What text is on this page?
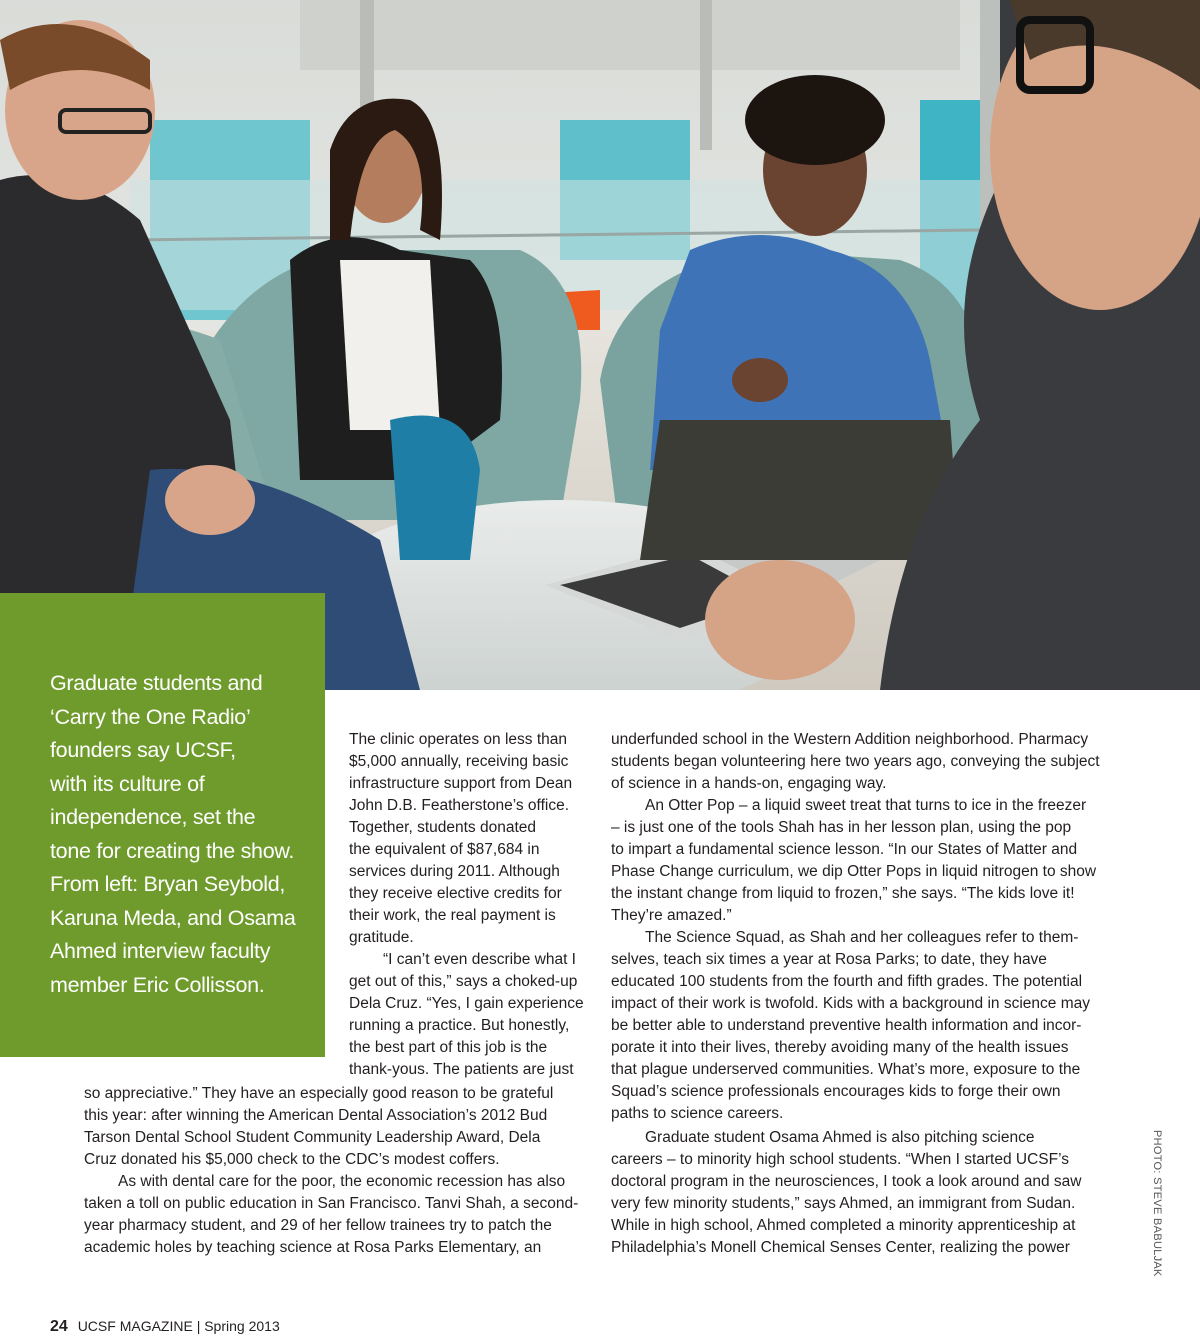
Graduate students and
‘Carry the One Radio’
founders say UCSF,
with its culture of
independence, set the
tone for creating the show.
From left: Bryan Seybold,
Karuna Meda, and Osama
Ahmed interview faculty
member Eric Collisson.
The clinic operates on less than
$5,000 annually, receiving basic
infrastructure support from Dean
John D.B. Featherstone’s office.
Together, students donated
the equivalent of $87,684 in
services during 2011. Although
they receive elective credits for
their work, the real payment is
gratitude.
“I can’t even describe what I
get out of this,” says a choked-up
Dela Cruz. “Yes, I gain experience
running a practice. But honestly,
the best part of this job is the
thank-yous. The patients are just
so appreciative.” They have an especially good reason to be grateful
this year: after winning the American Dental Association’s 2012 Bud
Tarson Dental School Student Community Leadership Award, Dela
Cruz donated his $5,000 check to the CDC’s modest coffers.
As with dental care for the poor, the economic recession has also
taken a toll on public education in San Francisco. Tanvi Shah, a second-
year pharmacy student, and 29 of her fellow trainees try to patch the
academic holes by teaching science at Rosa Parks Elementary, an
underfunded school in the Western Addition neighborhood. Pharmacy
students began volunteering here two years ago, conveying the subject
of science in a hands-on, engaging way.
An Otter Pop – a liquid sweet treat that turns to ice in the freezer
– is just one of the tools Shah has in her lesson plan, using the pop
to impart a fundamental science lesson. “In our States of Matter and
Phase Change curriculum, we dip Otter Pops in liquid nitrogen to show
the instant change from liquid to frozen,” she says. “The kids love it!
They’re amazed.”
The Science Squad, as Shah and her colleagues refer to them-
selves, teach six times a year at Rosa Parks; to date, they have
educated 100 students from the fourth and fifth grades. The potential
impact of their work is twofold. Kids with a background in science may
be better able to understand preventive health information and incor-
porate it into their lives, thereby avoiding many of the health issues
that plague underserved communities. What’s more, exposure to the
Squad’s science professionals encourages kids to forge their own
paths to science careers.
Graduate student Osama Ahmed is also pitching science
careers – to minority high school students. “When I started UCSF’s
doctoral program in the neurosciences, I took a look around and saw
very few minority students,” says Ahmed, an immigrant from Sudan.
While in high school, Ahmed completed a minority apprenticeship at
Philadelphia’s Monell Chemical Senses Center, realizing the power	PHOTO: STEVE BABULJAK
24 UCSF MAGAZINE | Spring 2013
